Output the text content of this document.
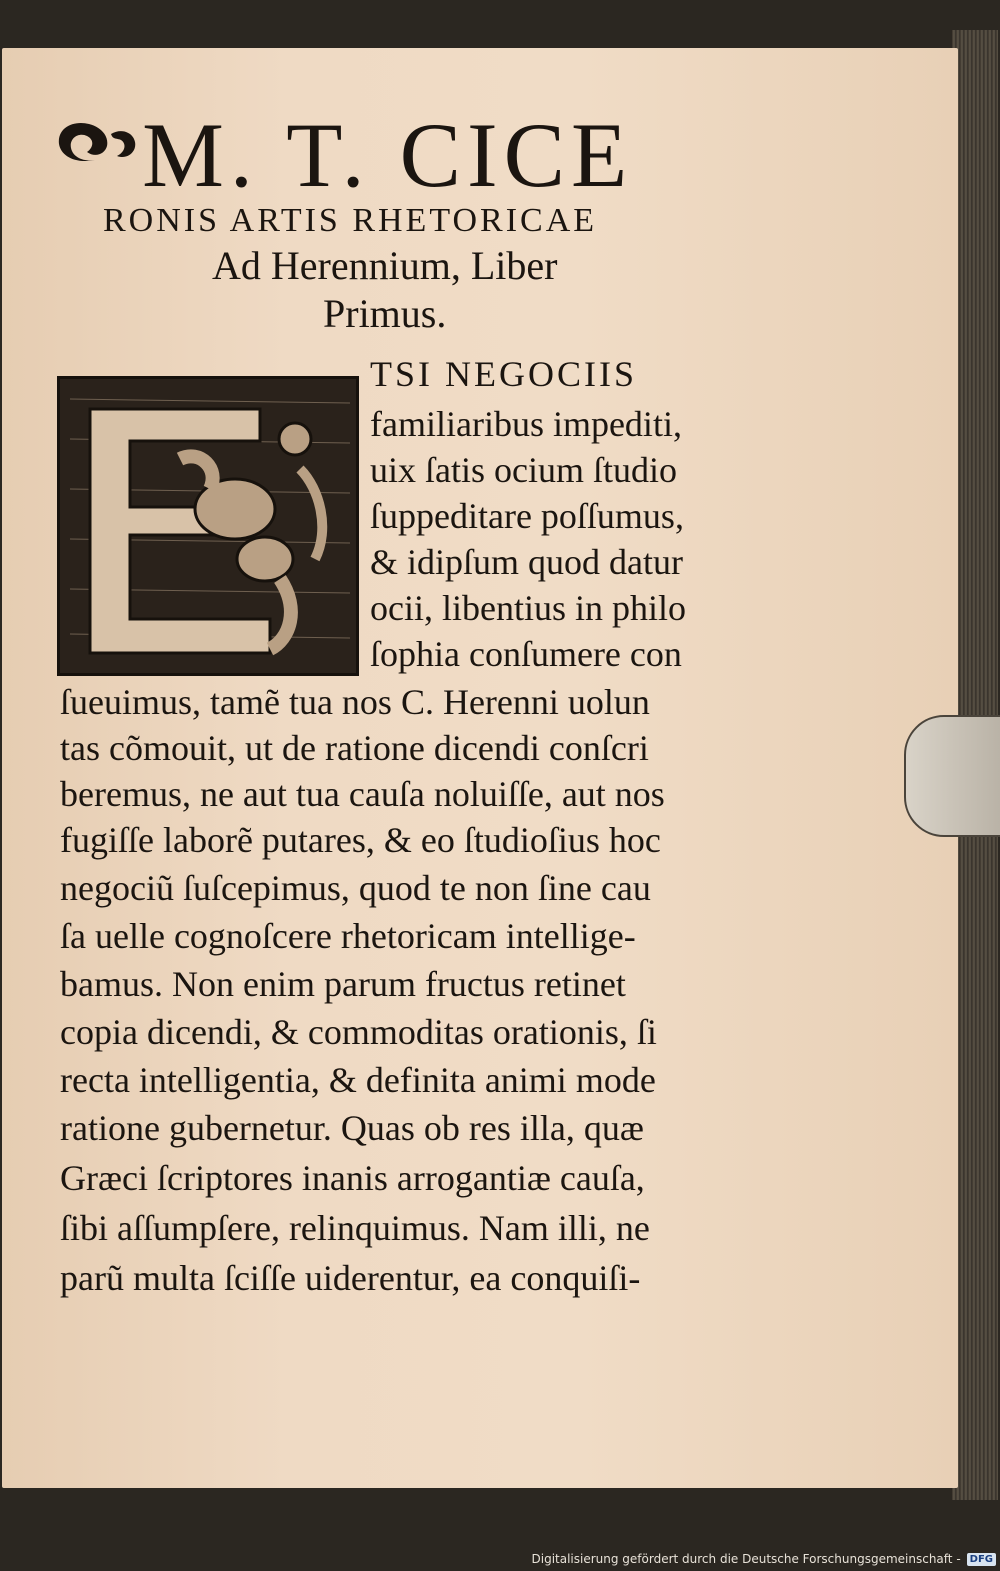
M. T. CICE
RONIS ARTIS RHETORICAE
Ad Herennium, Liber
Primus.
TSI NEGOCIIS
familiaribus impediti,
uix ſatis ocium ſtudio
ſuppeditare poſſumus,
& idipſum quod datur
ocii, libentius in philo
ſophia conſumere con
ſueuimus, tamẽ tua nos C. Herenni uolun
tas cõmouit, ut de ratione dicendi conſcri
beremus, ne aut tua cauſa noluiſſe, aut nos
fugiſſe laborẽ putares, & eo ſtudioſius hoc
negociũ ſuſcepimus, quod te non ſine cau
ſa uelle cognoſcere rhetoricam intellige-
bamus. Non enim parum fructus retinet
copia dicendi, & commoditas orationis, ſi
recta intelligentia, & definita animi mode
ratione gubernetur. Quas ob res illa, quæ
Græci ſcriptores inanis arrogantiæ cauſa,
ſibi aſſumpſere, relinquimus. Nam illi, ne
parũ multa ſciſſe uiderentur, ea conquiſi-
Digitalisierung gefördert durch die Deutsche Forschungsgemeinschaft - DFG
